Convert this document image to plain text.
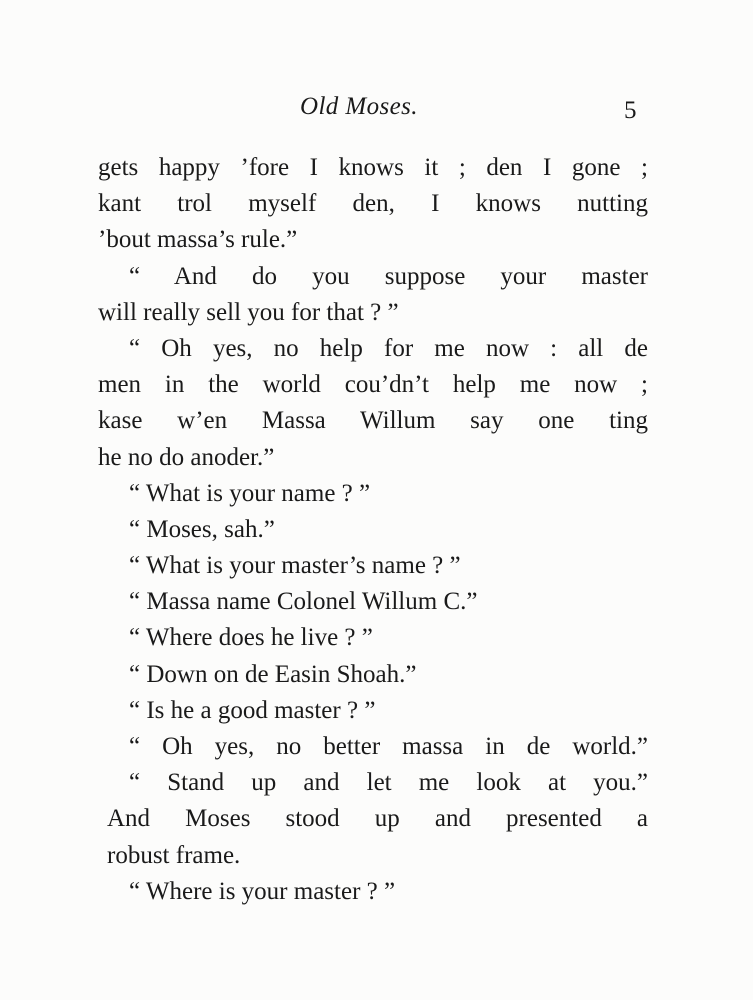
Old Moses.	5
gets happy ’fore I knows it ; den I gone ;
kant trol myself den, I knows nutting
’bout massa’s rule.”
“ And do you suppose your master
will really sell you for that ? ”
“ Oh yes, no help for me now : all de
men in the world cou’dn’t help me now ;
kase w’en Massa Willum say one ting
he no do anoder.”
“ What is your name ? ”
“ Moses, sah.”
“ What is your master’s name ? ”
“ Massa name Colonel Willum C.”
“ Where does he live ? ”
“ Down on de Easin Shoah.”
“ Is he a good master ? ”
“ Oh yes, no better massa in de world.”
“ Stand up and let me look at you.”
And Moses stood up and presented a
robust frame.
“ Where is your master ? ”
